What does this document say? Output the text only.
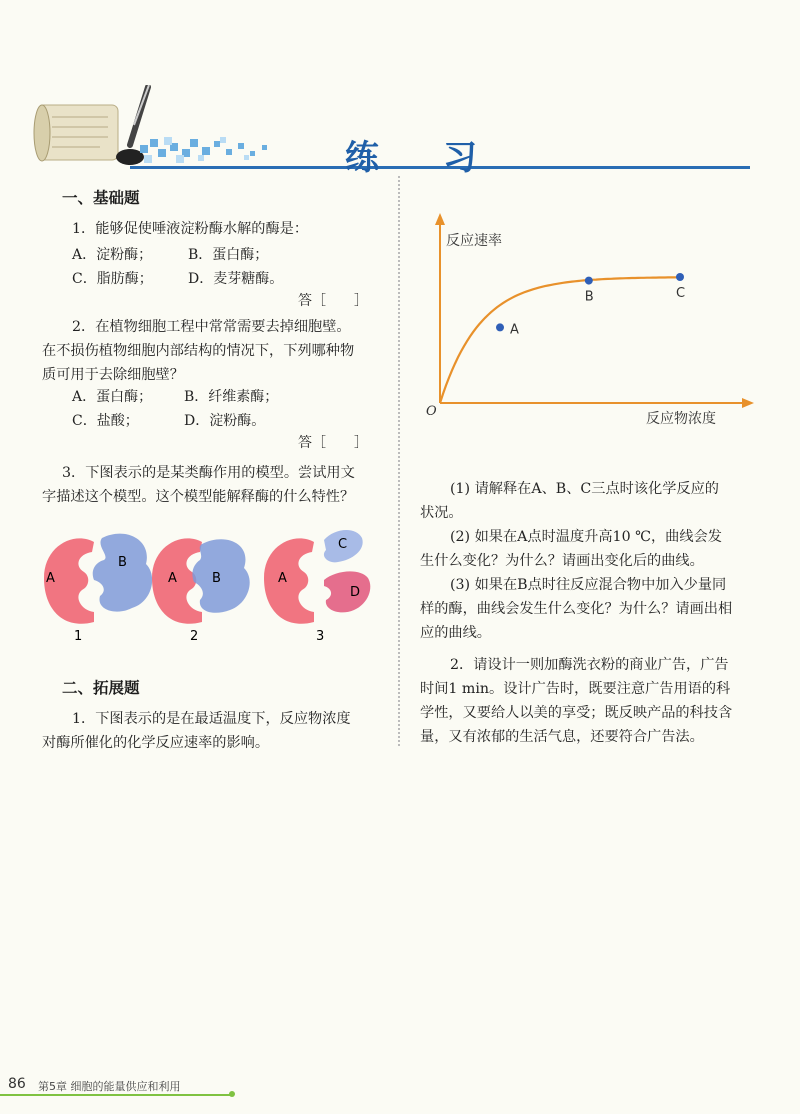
练 习
一、基础题
1．能够促使唾液淀粉酶水解的酶是：
A．淀粉酶；	B．蛋白酶；
C．脂肪酶；	D．麦芽糖酶。
答［　　］
2．在植物细胞工程中常常需要去掉细胞壁。
在不损伤植物细胞内部结构的情况下，下列哪种物
质可用于去除细胞壁？
A．蛋白酶； B．纤维素酶；
C．盐酸；	D．淀粉酶。
答［　　］
3．下图表示的是某类酶作用的模型。尝试用文
字描述这个模型。这个模型能解释酶的什么特性？
A
B
A	B	A
C
D
1	2	3
二、拓展题
1．下图表示的是在最适温度下，反应物浓度
对酶所催化的化学反应速率的影响。
A
B	C
反应速率
反应物浓度
O
(1) 请解释在A、B、C三点时该化学反应的
状况。
(2) 如果在A点时温度升高10 ℃，曲线会发
生什么变化？为什么？请画出变化后的曲线。
(3) 如果在B点时往反应混合物中加入少量同
样的酶，曲线会发生什么变化？为什么？请画出相
应的曲线。
2．请设计一则加酶洗衣粉的商业广告，广告
时间1 min。设计广告时，既要注意广告用语的科
学性，又要给人以美的享受；既反映产品的科技含
量，又有浓郁的生活气息，还要符合广告法。
86 第5章 细胞的能量供应和利用
